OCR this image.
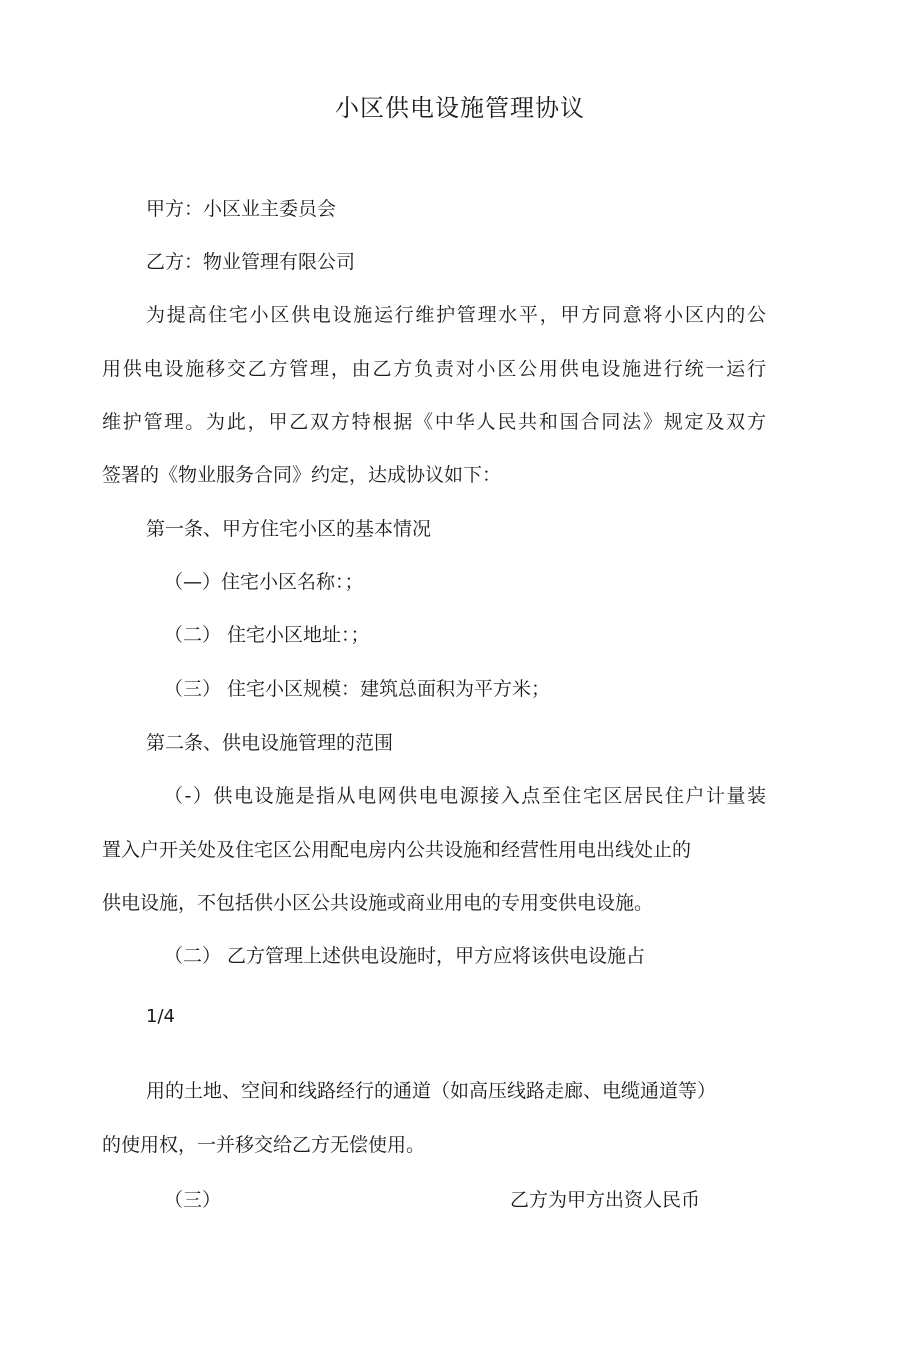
小区供电设施管理协议
甲方：小区业主委员会
乙方：物业管理有限公司
为提高住宅小区供电设施运行维护管理水平，甲方同意将小区内的公
用供电设施移交乙方管理，由乙方负责对小区公用供电设施进行统一运行
维护管理。为此，甲乙双方特根据《中华人民共和国合同法》规定及双方
签署的《物业服务合同》约定，达成协议如下：
第一条、甲方住宅小区的基本情况
（—）住宅小区名称：；
（二） 住宅小区地址：；
（三） 住宅小区规模：建筑总面积为平方米；
第二条、供电设施管理的范围
（-）供电设施是指从电网供电电源接入点至住宅区居民住户计量装
置入户开关处及住宅区公用配电房内公共设施和经营性用电出线处止的
供电设施，不包括供小区公共设施或商业用电的专用变供电设施。
（二） 乙方管理上述供电设施时，甲方应将该供电设施占
1/4
用的土地、空间和线路经行的通道（如高压线路走廊、电缆通道等）
的使用权，一并移交给乙方无偿使用。
（三）	乙方为甲方出资人民币
